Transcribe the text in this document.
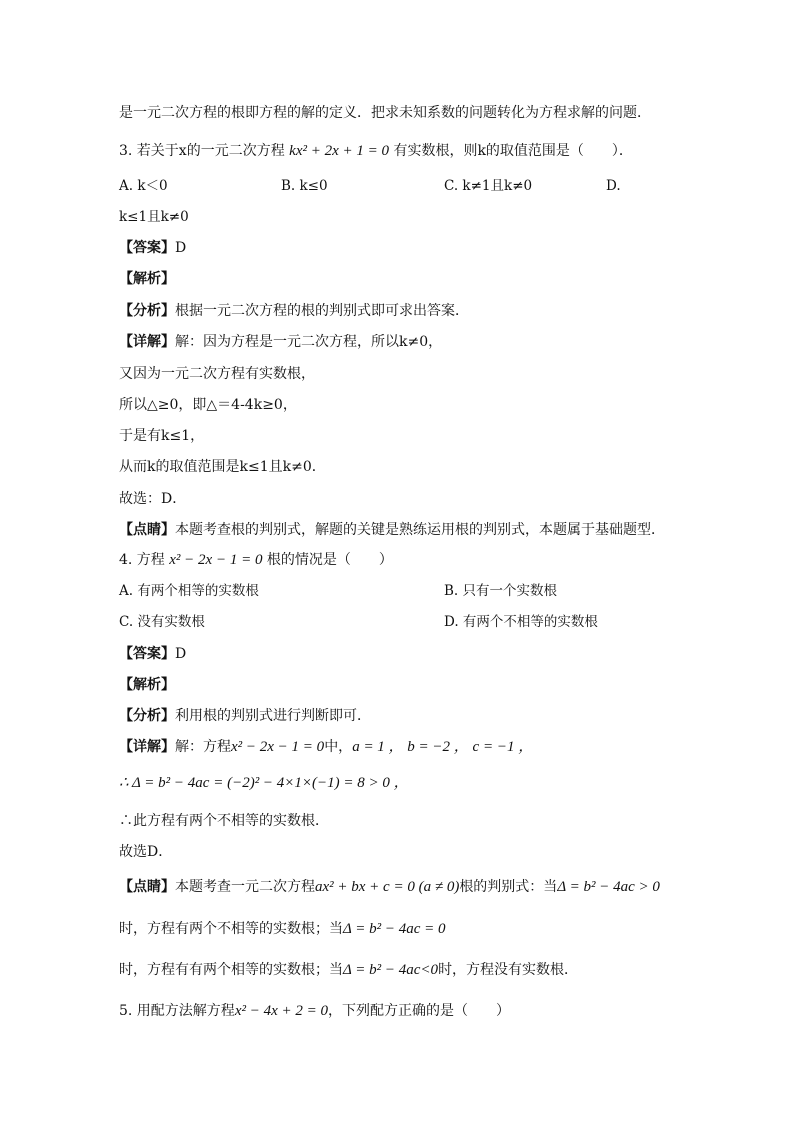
是一元二次方程的根即方程的解的定义．把求未知系数的问题转化为方程求解的问题．
3. 若关于x的一元二次方程 kx² + 2x + 1 = 0 有实数根，则k的取值范围是（　　）．
A. k＜0	B. k≤0	C. k≠1且k≠0	D.
k≤1且k≠0
【答案】D
【解析】
【分析】根据一元二次方程的根的判别式即可求出答案．
【详解】解：因为方程是一元二次方程，所以k≠0，
又因为一元二次方程有实数根，
所以△≥0，即△＝4-4k≥0，
于是有k≤1，
从而k的取值范围是k≤1且k≠0．
故选：D．
【点睛】本题考查根的判别式，解题的关键是熟练运用根的判别式，本题属于基础题型．
4. 方程 x² − 2x − 1 = 0 根的情况是（　　）
A. 有两个相等的实数根	B. 只有一个实数根
C. 没有实数根	D. 有两个不相等的实数根
【答案】D
【解析】
【分析】利用根的判别式进行判断即可．
【详解】解：方程x² − 2x − 1 = 0中，a = 1 ， b = −2 ， c = −1 ，
∴ Δ = b² − 4ac = (−2)² − 4×1×(−1) = 8 > 0 ，
∴此方程有两个不相等的实数根．
故选D．
【点睛】本题考查一元二次方程ax² + bx + c = 0 (a ≠ 0)根的判别式：当Δ = b² − 4ac > 0
时，方程有两个不相等的实数根；当Δ = b² − 4ac = 0
时，方程有有两个相等的实数根；当Δ = b² − 4ac<0时，方程没有实数根．
5. 用配方法解方程x² − 4x + 2 = 0，下列配方正确的是（　　）
